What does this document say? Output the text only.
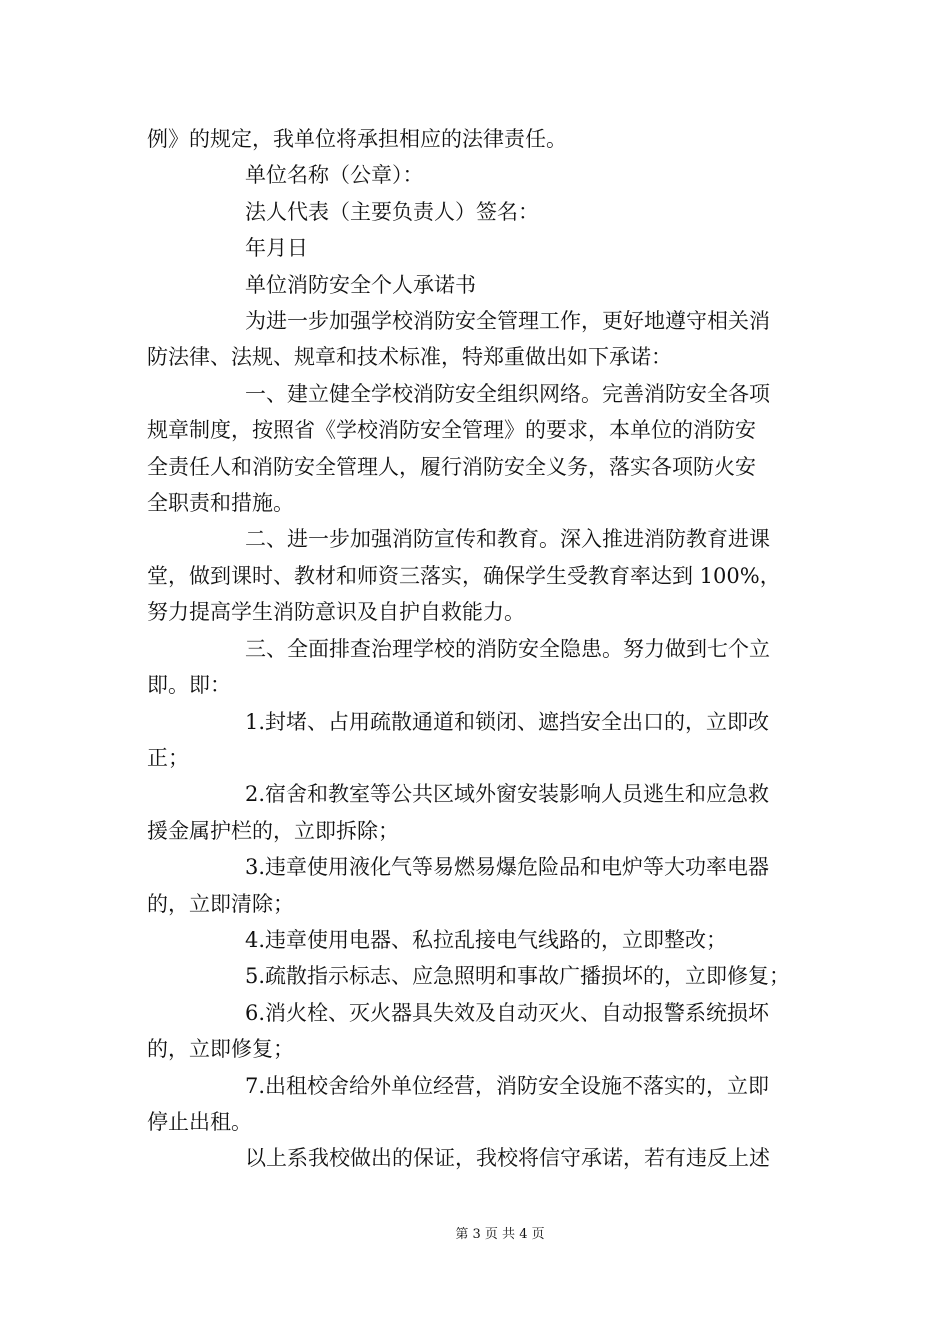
例》的规定，我单位将承担相应的法律责任。

单位名称（公章）：

法人代表（主要负责人）签名：

年月日

单位消防安全个人承诺书

为进一步加强学校消防安全管理工作，更好地遵守相关消

防法律、法规、规章和技术标准，特郑重做出如下承诺：

一、建立健全学校消防安全组织网络。完善消防安全各项

规章制度，按照省《学校消防安全管理》的要求，本单位的消防安

全责任人和消防安全管理人，履行消防安全义务，落实各项防火安

全职责和措施。

二、进一步加强消防宣传和教育。深入推进消防教育进课

堂，做到课时、教材和师资三落实，确保学生受教育率达到 100%，

努力提高学生消防意识及自护自救能力。

三、全面排查治理学校的消防安全隐患。努力做到七个立

即。即：

1.封堵、占用疏散通道和锁闭、遮挡安全出口的，立即改

正；

2.宿舍和教室等公共区域外窗安装影响人员逃生和应急救

援金属护栏的，立即拆除；

3.违章使用液化气等易燃易爆危险品和电炉等大功率电器

的，立即清除；

4.违章使用电器、私拉乱接电气线路的，立即整改；

5.疏散指示标志、应急照明和事故广播损坏的，立即修复；

6.消火栓、灭火器具失效及自动灭火、自动报警系统损坏

的，立即修复；

7.出租校舍给外单位经营，消防安全设施不落实的，立即

停止出租。

以上系我校做出的保证，我校将信守承诺，若有违反上述

第 3 页 共 4 页
